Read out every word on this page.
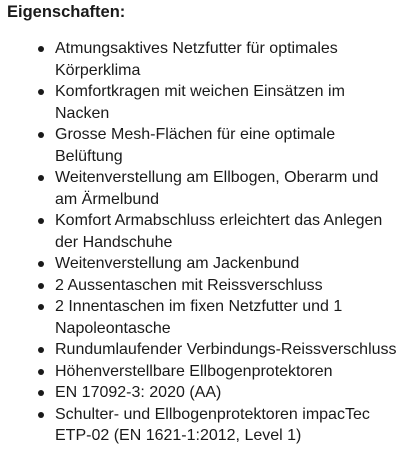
Eigenschaften:
Atmungsaktives Netzfutter für optimales Körperklima
Komfortkragen mit weichen Einsätzen im Nacken
Grosse Mesh-Flächen für eine optimale Belüftung
Weitenverstellung am Ellbogen, Oberarm und am Ärmelbund
Komfort Armabschluss erleichtert das Anlegen der Handschuhe
Weitenverstellung am Jackenbund
2 Aussentaschen mit Reissverschluss
2 Innentaschen im fixen Netzfutter und 1 Napoleontasche
Rundumlaufender Verbindungs-Reissverschluss
Höhenverstellbare Ellbogenprotektoren
EN 17092-3: 2020 (AA)
Schulter- und Ellbogenprotektoren impacTec ETP-02 (EN 1621-1:2012, Level 1)
